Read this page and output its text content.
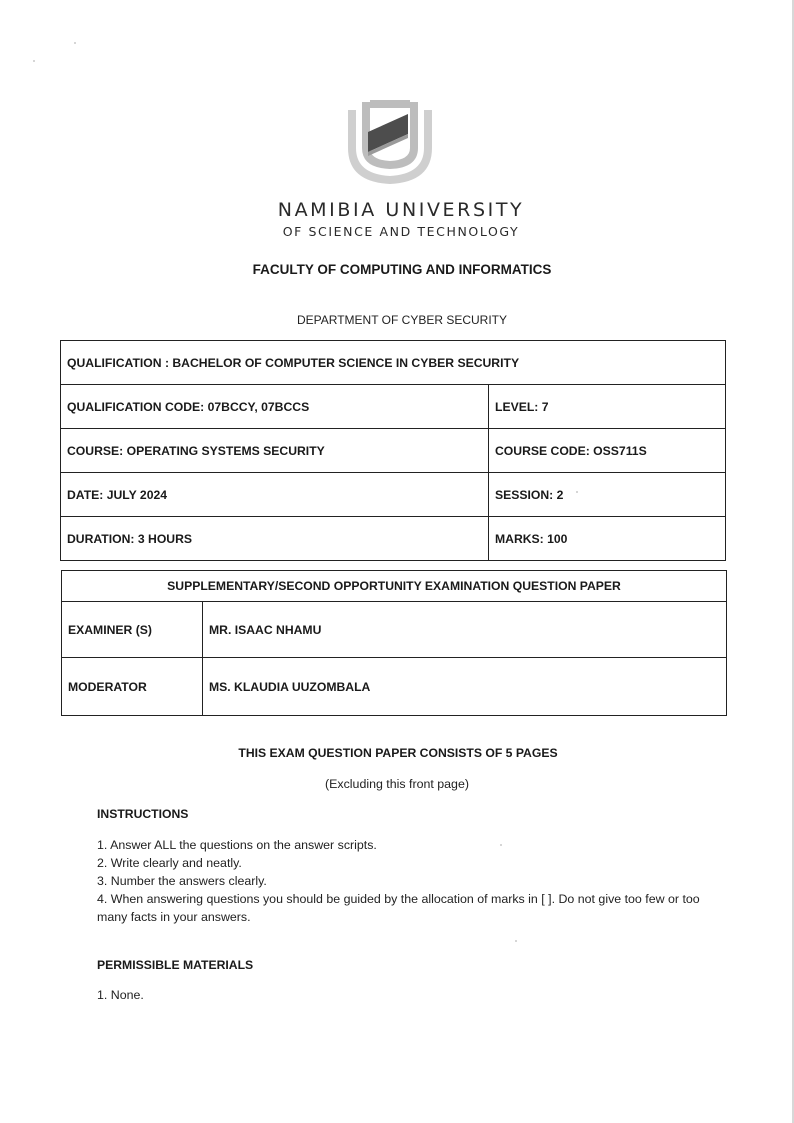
NAMIBIA UNIVERSITY
OF SCIENCE AND TECHNOLOGY
FACULTY OF COMPUTING AND INFORMATICS
DEPARTMENT OF CYBER SECURITY
QUALIFICATION : BACHELOR OF COMPUTER SCIENCE IN CYBER SECURITY	
QUALIFICATION CODE: 07BCCY, 07BCCS	LEVEL: 7
COURSE: OPERATING SYSTEMS SECURITY	COURSE CODE: OSS711S
DATE: JULY 2024	SESSION: 2
DURATION: 3 HOURS	MARKS: 100
SUPPLEMENTARY/SECOND OPPORTUNITY EXAMINATION QUESTION PAPER	
EXAMINER (S)	MR. ISAAC NHAMU
MODERATOR	MS. KLAUDIA UUZOMBALA
THIS EXAM QUESTION PAPER CONSISTS OF 5 PAGES
(Excluding this front page)
INSTRUCTIONS
1. Answer ALL the questions on the answer scripts.
2. Write clearly and neatly.
3. Number the answers clearly.
4. When answering questions you should be guided by the allocation of marks in [ ]. Do not give too few or too many facts in your answers.
PERMISSIBLE MATERIALS
1. None.
